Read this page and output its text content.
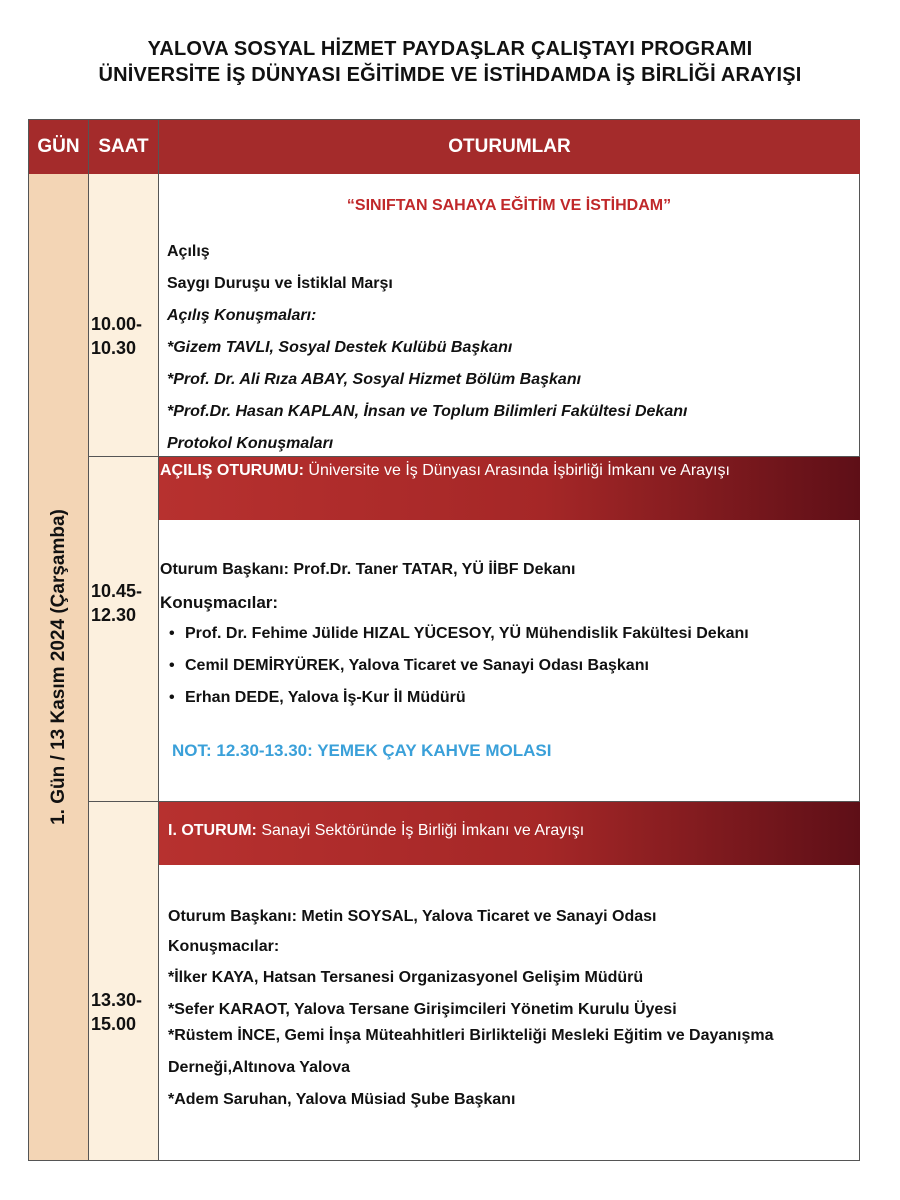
YALOVA SOSYAL HİZMET PAYDAŞLAR ÇALIŞTAYI PROGRAMI
ÜNİVERSİTE İŞ DÜNYASI EĞİTİMDE VE İSTİHDAMDA İŞ BİRLİĞİ ARAYIŞI
GÜN SAAT	OTURUMLAR
1. Gün / 13 Kasım 2024 (Çarşamba)
10.00-
10.30
“SINIFTAN SAHAYA EĞİTİM VE İSTİHDAM”
Açılış
Saygı Duruşu ve İstiklal Marşı
Açılış Konuşmaları:
*Gizem TAVLI, Sosyal Destek Kulübü Başkanı
*Prof. Dr. Ali Rıza ABAY, Sosyal Hizmet Bölüm Başkanı
*Prof.Dr. Hasan KAPLAN, İnsan ve Toplum Bilimleri Fakültesi Dekanı
Protokol Konuşmaları
10.45-
12.30
AÇILIŞ OTURUMU: Üniversite ve İş Dünyası Arasında İşbirliği İmkanı ve Arayışı
Oturum Başkanı: Prof.Dr. Taner TATAR, YÜ İİBF Dekanı
Konuşmacılar:
• Prof. Dr. Fehime Jülide HIZAL YÜCESOY, YÜ Mühendislik Fakültesi Dekanı
• Cemil DEMİRYÜREK, Yalova Ticaret ve Sanayi Odası Başkanı
• Erhan DEDE, Yalova İş-Kur İl Müdürü
NOT: 12.30-13.30: YEMEK ÇAY KAHVE MOLASI
13.30-
15.00
I. OTURUM: Sanayi Sektöründe İş Birliği İmkanı ve Arayışı
Oturum Başkanı: Metin SOYSAL, Yalova Ticaret ve Sanayi Odası
Konuşmacılar:
*İlker KAYA, Hatsan Tersanesi Organizasyonel Gelişim Müdürü
*Sefer KARAOT, Yalova Tersane Girişimcileri Yönetim Kurulu Üyesi
*Rüstem İNCE, Gemi İnşa Müteahhitleri Birlikteliği Mesleki Eğitim ve Dayanışma
Derneği,Altınova Yalova
*Adem Saruhan, Yalova Müsiad Şube Başkanı
